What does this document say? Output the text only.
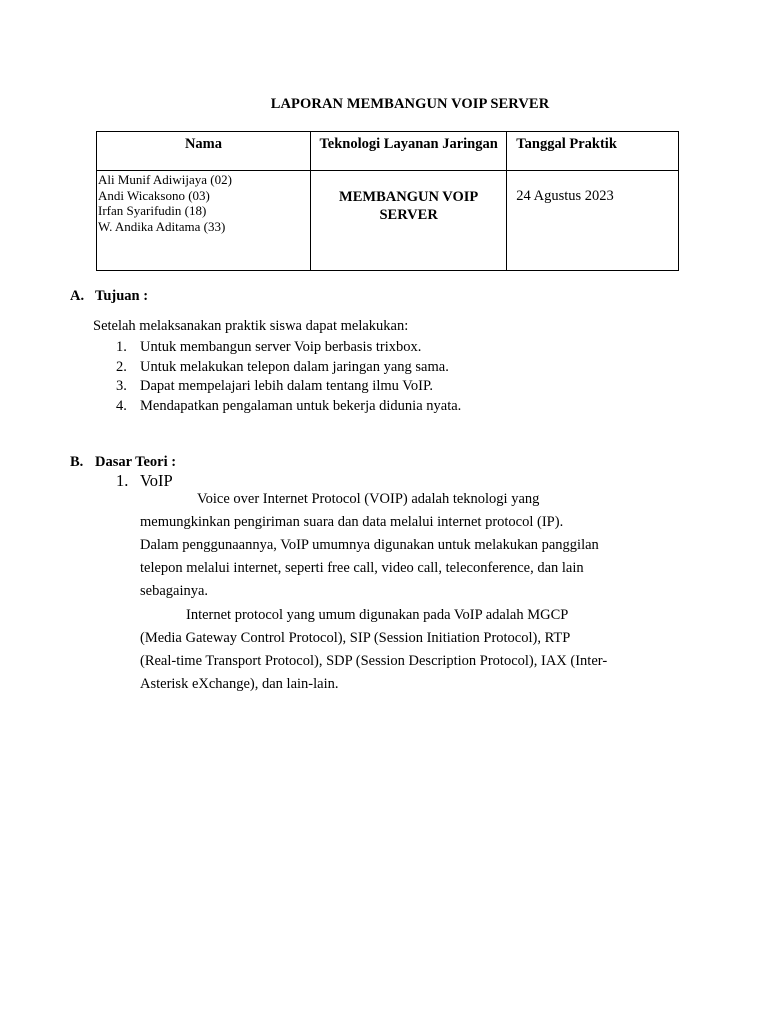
LAPORAN MEMBANGUN VOIP SERVER
Nama	Teknologi Layanan Jaringan	Tanggal Praktik

Ali Munif Adiwijaya (02)
Andi Wicaksono (03)
Irfan Syarifudin (18)
W. Andika Aditama (33)	MEMBANGUN VOIP SERVER	24 Agustus 2023
A. Tujuan :
Setelah melaksanakan praktik siswa dapat melakukan:
1. Untuk membangun server Voip berbasis trixbox.
2. Untuk melakukan telepon dalam jaringan yang sama.
3. Dapat mempelajari lebih dalam tentang ilmu VoIP.
4. Mendapatkan pengalaman untuk bekerja didunia nyata.
B. Dasar Teori :
1. VoIP

Voice over Internet Protocol (VOIP) adalah teknologi yang
memungkinkan pengiriman suara dan data melalui internet protocol (IP).
Dalam penggunaannya, VoIP umumnya digunakan untuk melakukan panggilan
telepon melalui internet, seperti free call, video call, teleconference, dan lain
sebagainya.

Internet protocol yang umum digunakan pada VoIP adalah MGCP
(Media Gateway Control Protocol), SIP (Session Initiation Protocol), RTP
(Real-time Transport Protocol), SDP (Session Description Protocol), IAX (Inter-
Asterisk eXchange), dan lain-lain.
